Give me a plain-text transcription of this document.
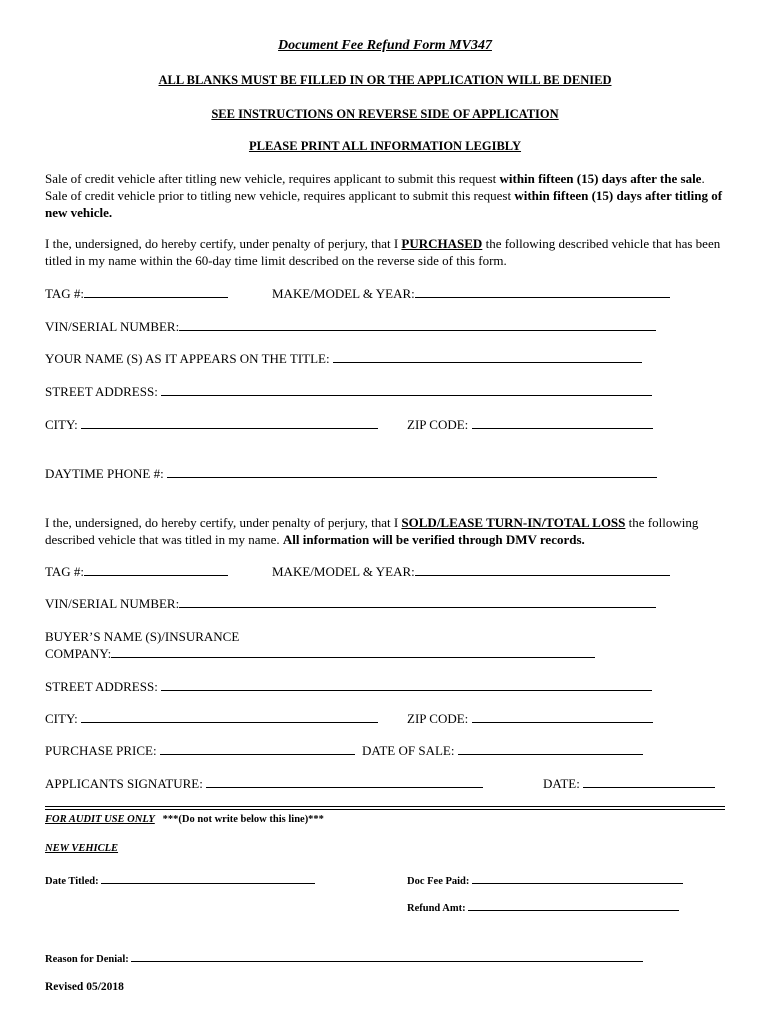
Document Fee Refund Form MV347
ALL BLANKS MUST BE FILLED IN OR THE APPLICATION WILL BE DENIED
SEE INSTRUCTIONS ON REVERSE SIDE OF APPLICATION
PLEASE PRINT ALL INFORMATION LEGIBLY
Sale of credit vehicle after titling new vehicle, requires applicant to submit this request within fifteen (15) days after the sale. Sale of credit vehicle prior to titling new vehicle, requires applicant to submit this request within fifteen (15) days after titling of new vehicle.
I the, undersigned, do hereby certify, under penalty of perjury, that I PURCHASED the following described vehicle that has been titled in my name within the 60-day time limit described on the reverse side of this form.
TAG #:	MAKE/MODEL & YEAR:
VIN/SERIAL NUMBER:
YOUR NAME (S) AS IT APPEARS ON THE TITLE:
STREET ADDRESS:
CITY:	ZIP CODE:
DAYTIME PHONE #:
I the, undersigned, do hereby certify, under penalty of perjury, that I SOLD/LEASE TURN-IN/TOTAL LOSS the following described vehicle that was titled in my name. All information will be verified through DMV records.
TAG #:	MAKE/MODEL & YEAR:
VIN/SERIAL NUMBER:
BUYER’S NAME (S)/INSURANCE
COMPANY:
STREET ADDRESS:
CITY:	ZIP CODE:
PURCHASE PRICE:	DATE OF SALE:
APPLICANTS SIGNATURE:	DATE:
FOR AUDIT USE ONLY ***(Do not write below this line)***
NEW VEHICLE
Date Titled:	Doc Fee Paid:
Refund Amt:
Reason for Denial:
Revised 05/2018
